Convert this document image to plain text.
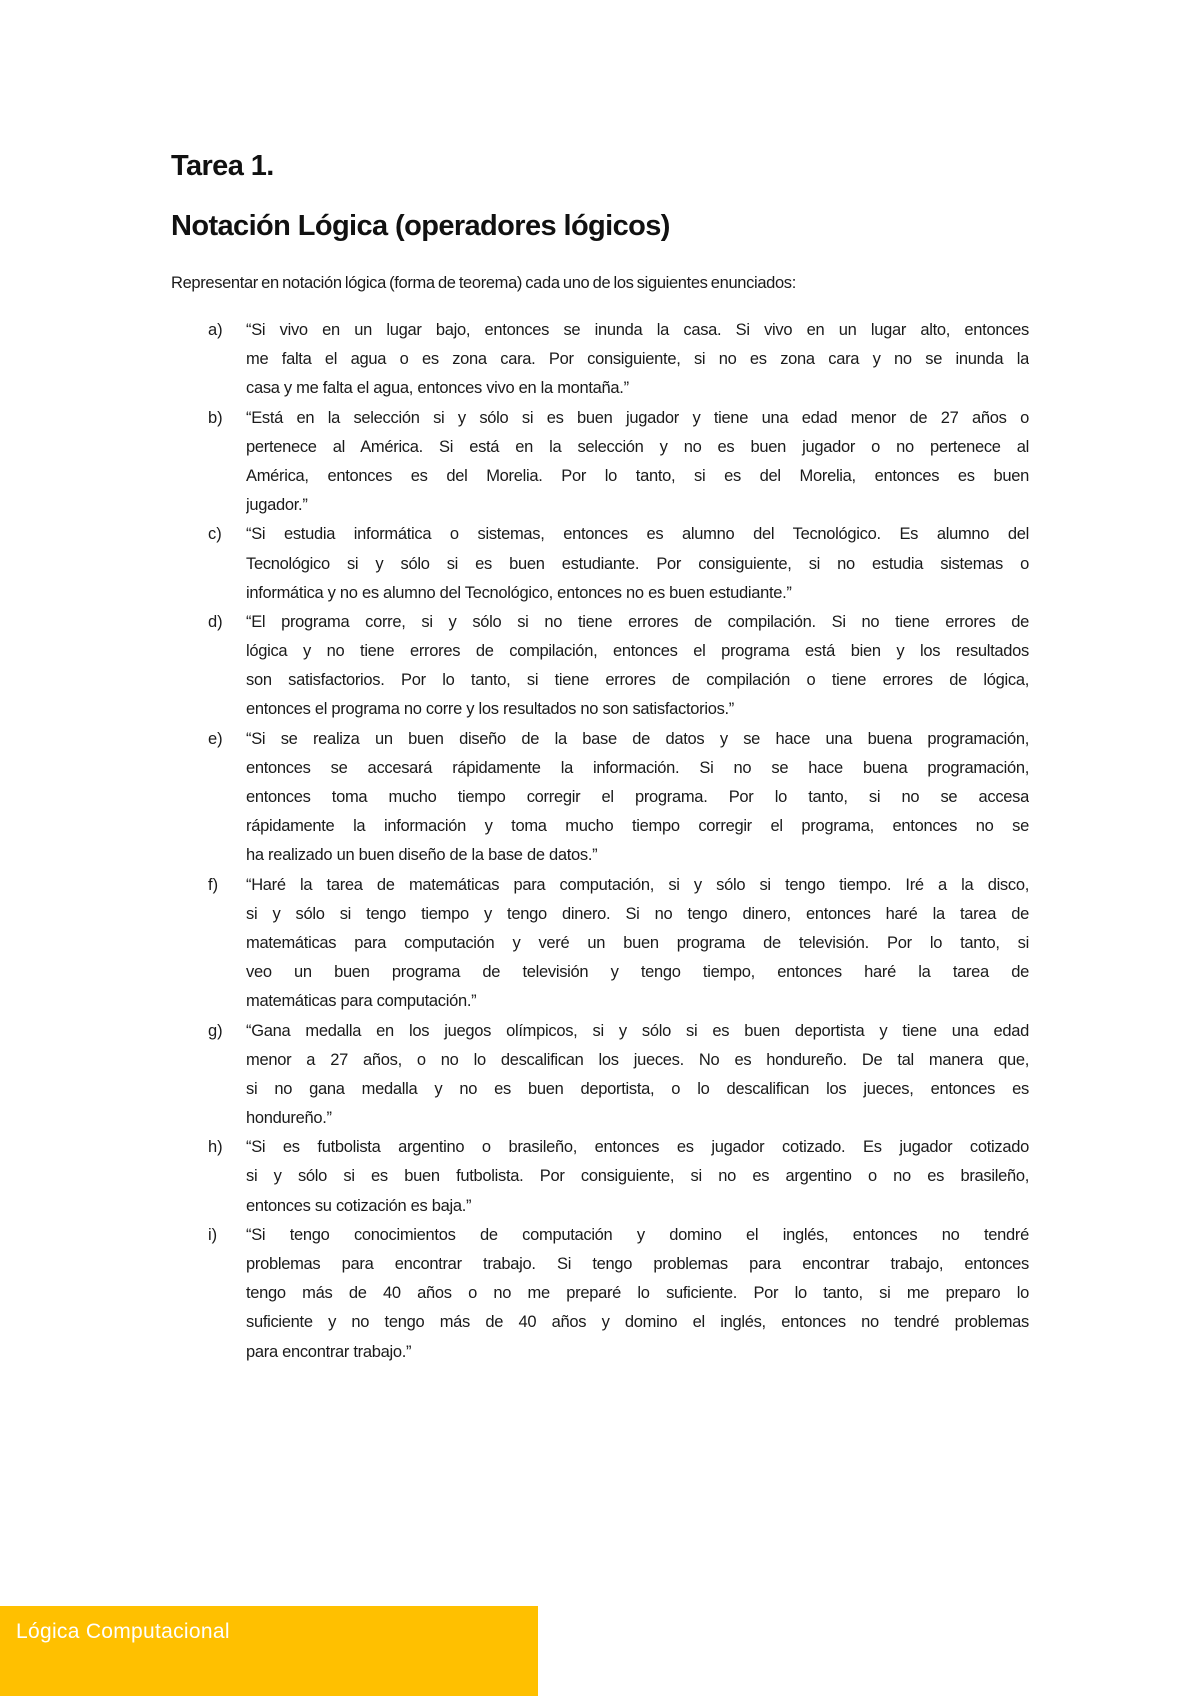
Tarea 1.
Notación Lógica (operadores lógicos)

Representar en notación lógica (forma de teorema) cada uno de los siguientes enunciados:

a) “Si vivo en un lugar bajo, entonces se inunda la casa. Si vivo en un lugar alto, entonces
me falta el agua o es zona cara. Por consiguiente, si no es zona cara y no se inunda la
casa y me falta el agua, entonces vivo en la montaña.”
b) “Está en la selección si y sólo si es buen jugador y tiene una edad menor de 27 años o
pertenece al América. Si está en la selección y no es buen jugador o no pertenece al
América, entonces es del Morelia. Por lo tanto, si es del Morelia, entonces es buen
jugador.”
c) “Si estudia informática o sistemas, entonces es alumno del Tecnológico. Es alumno del
Tecnológico si y sólo si es buen estudiante. Por consiguiente, si no estudia sistemas o
informática y no es alumno del Tecnológico, entonces no es buen estudiante.”
d) “El programa corre, si y sólo si no tiene errores de compilación. Si no tiene errores de
lógica y no tiene errores de compilación, entonces el programa está bien y los resultados
son satisfactorios. Por lo tanto, si tiene errores de compilación o tiene errores de lógica,
entonces el programa no corre y los resultados no son satisfactorios.”
e) “Si se realiza un buen diseño de la base de datos y se hace una buena programación,
entonces se accesará rápidamente la información. Si no se hace buena programación,
entonces toma mucho tiempo corregir el programa. Por lo tanto, si no se accesa
rápidamente la información y toma mucho tiempo corregir el programa, entonces no se
ha realizado un buen diseño de la base de datos.”
f) “Haré la tarea de matemáticas para computación, si y sólo si tengo tiempo. Iré a la disco,
si y sólo si tengo tiempo y tengo dinero. Si no tengo dinero, entonces haré la tarea de
matemáticas para computación y veré un buen programa de televisión. Por lo tanto, si
veo un buen programa de televisión y tengo tiempo, entonces haré la tarea de
matemáticas para computación.”
g) “Gana medalla en los juegos olímpicos, si y sólo si es buen deportista y tiene una edad
menor a 27 años, o no lo descalifican los jueces. No es hondureño. De tal manera que,
si no gana medalla y no es buen deportista, o lo descalifican los jueces, entonces es
hondureño.”
h) “Si es futbolista argentino o brasileño, entonces es jugador cotizado. Es jugador cotizado
si y sólo si es buen futbolista. Por consiguiente, si no es argentino o no es brasileño,
entonces su cotización es baja.”
i) “Si tengo conocimientos de computación y domino el inglés, entonces no tendré
problemas para encontrar trabajo. Si tengo problemas para encontrar trabajo, entonces
tengo más de 40 años o no me preparé lo suficiente. Por lo tanto, si me preparo lo
suficiente y no tengo más de 40 años y domino el inglés, entonces no tendré problemas
para encontrar trabajo.”
Lógica Computacional
